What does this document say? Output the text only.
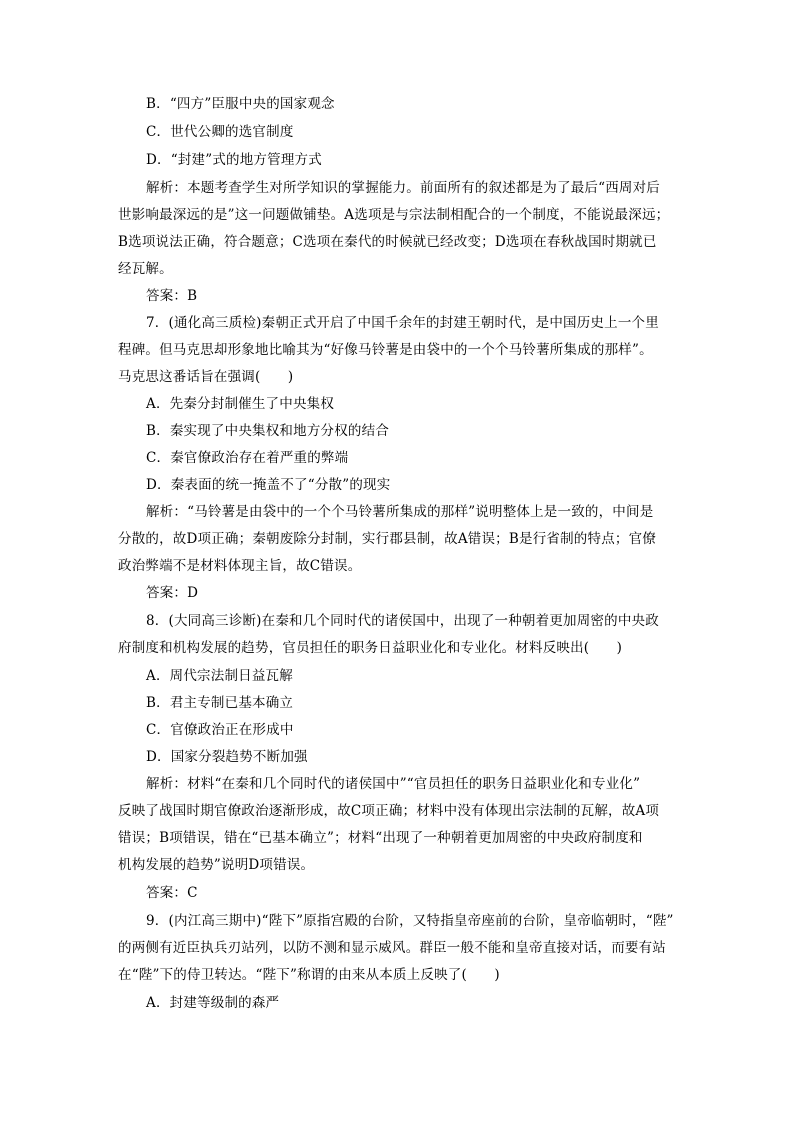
B．“四方”臣服中央的国家观念
C．世代公卿的选官制度
D．“封建”式的地方管理方式
解析：本题考查学生对所学知识的掌握能力。前面所有的叙述都是为了最后“西周对后
世影响最深远的是”这一问题做铺垫。A选项是与宗法制相配合的一个制度，不能说最深远；
B选项说法正确，符合题意；C选项在秦代的时候就已经改变；D选项在春秋战国时期就已
经瓦解。
答案：B
7．(通化高三质检)秦朝正式开启了中国千余年的封建王朝时代，是中国历史上一个里
程碑。但马克思却形象地比喻其为“好像马铃薯是由袋中的一个个马铃薯所集成的那样”。
马克思这番话旨在强调(　　)
A．先秦分封制催生了中央集权
B．秦实现了中央集权和地方分权的结合
C．秦官僚政治存在着严重的弊端
D．秦表面的统一掩盖不了“分散”的现实
解析：“马铃薯是由袋中的一个个马铃薯所集成的那样”说明整体上是一致的，中间是
分散的，故D项正确；秦朝废除分封制，实行郡县制，故A错误；B是行省制的特点；官僚
政治弊端不是材料体现主旨，故C错误。
答案：D
8．(大同高三诊断)在秦和几个同时代的诸侯国中，出现了一种朝着更加周密的中央政
府制度和机构发展的趋势，官员担任的职务日益职业化和专业化。材料反映出(　　)
A．周代宗法制日益瓦解
B．君主专制已基本确立
C．官僚政治正在形成中
D．国家分裂趋势不断加强
解析：材料“在秦和几个同时代的诸侯国中”“官员担任的职务日益职业化和专业化”
反映了战国时期官僚政治逐渐形成，故C项正确；材料中没有体现出宗法制的瓦解，故A项
错误；B项错误，错在“已基本确立”；材料“出现了一种朝着更加周密的中央政府制度和
机构发展的趋势”说明D项错误。
答案：C
9．(内江高三期中)“陛下”原指宫殿的台阶，又特指皇帝座前的台阶，皇帝临朝时，“陛”
的两侧有近臣执兵刃站列，以防不测和显示威风。群臣一般不能和皇帝直接对话，而要有站
在“陛”下的侍卫转达。“陛下”称谓的由来从本质上反映了(　　)
A．封建等级制的森严
